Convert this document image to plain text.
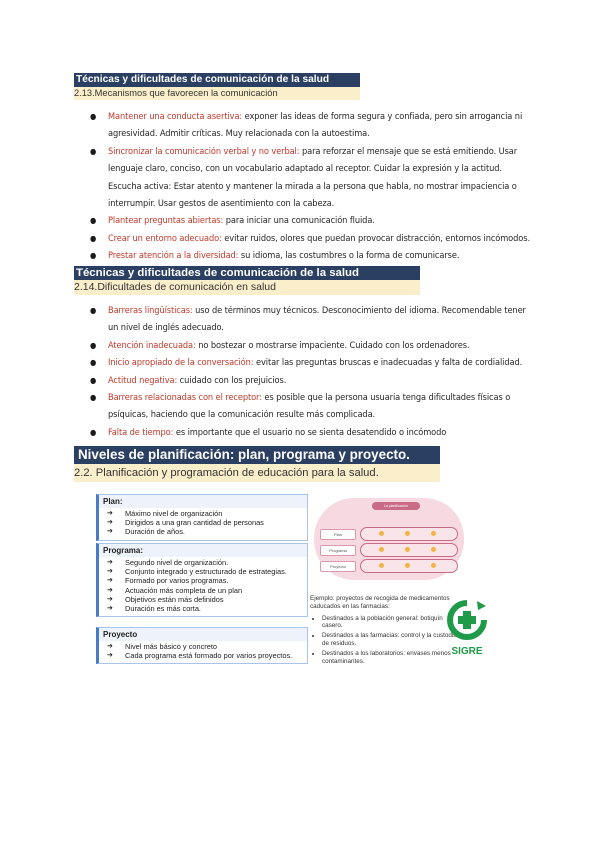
Técnicas y dificultades de comunicación de la salud
2.13.Mecanismos que favorecen la comunicación
● Mantener una conducta asertiva: exponer las ideas de forma segura y confiada, pero sin arrogancia ni agresividad. Admitir críticas. Muy relacionada con la autoestima.
● Sincronizar la comunicación verbal y no verbal: para reforzar el mensaje que se está emitiendo. Usar lenguaje claro, conciso, con un vocabulario adaptado al receptor. Cuidar la expresión y la actitud. Escucha activa: Estar atento y mantener la mirada a la persona que habla, no mostrar impaciencia o interrumpir. Usar gestos de asentimiento con la cabeza.
● Plantear preguntas abiertas: para iniciar una comunicación fluida.
● Crear un entorno adecuado: evitar ruidos, olores que puedan provocar distracción, entornos incómodos.
● Prestar atención a la diversidad: su idioma, las costumbres o la forma de comunicarse.
Técnicas y dificultades de comunicación de la salud
2.14.Dificultades de comunicación en salud
● Barreras lingüísticas: uso de términos muy técnicos. Desconocimiento del idioma. Recomendable tener un nivel de inglés adecuado.
● Atención inadecuada: no bostezar o mostrarse impaciente. Cuidado con los ordenadores.
● Inicio apropiado de la conversación: evitar las preguntas bruscas e inadecuadas y falta de cordialidad.
● Actitud negativa: cuidado con los prejuicios.
● Barreras relacionadas con el receptor: es posible que la persona usuaria tenga dificultades físicas o psíquicas, haciendo que la comunicación resulte más complicada.
● Falta de tiempo: es importante que el usuario no se sienta desatendido o incómodo
Niveles de planificación: plan, programa y proyecto.
2.2. Planificación y programación de educación para la salud.
Plan:
➔ Máximo nivel de organización
➔ Dirigidos a una gran cantidad de personas
➔ Duración de años.
Programa:
➔ Segundo nivel de organización.
➔ Conjunto integrado y estructurado de estrategias.
➔ Formado por varios programas.
➔ Actuación más completa de un plan
➔ Objetivos están más definidos
➔ Duración es más corta.
Proyecto
➔ Nivel más básico y concreto
➔ Cada programa está formado por varios proyectos.
La planificación
Plan
Programa
Proyecto
Ejemplo: proyectos de recogida de medicamentos caducados en las farmacias:
• Destinados a la población general: botiquín casero.
• Destinados a las farmacias: control y la custodia de residuos.
• Destinados a los laboratorios: envases menos contaminantes.
SIGRE
